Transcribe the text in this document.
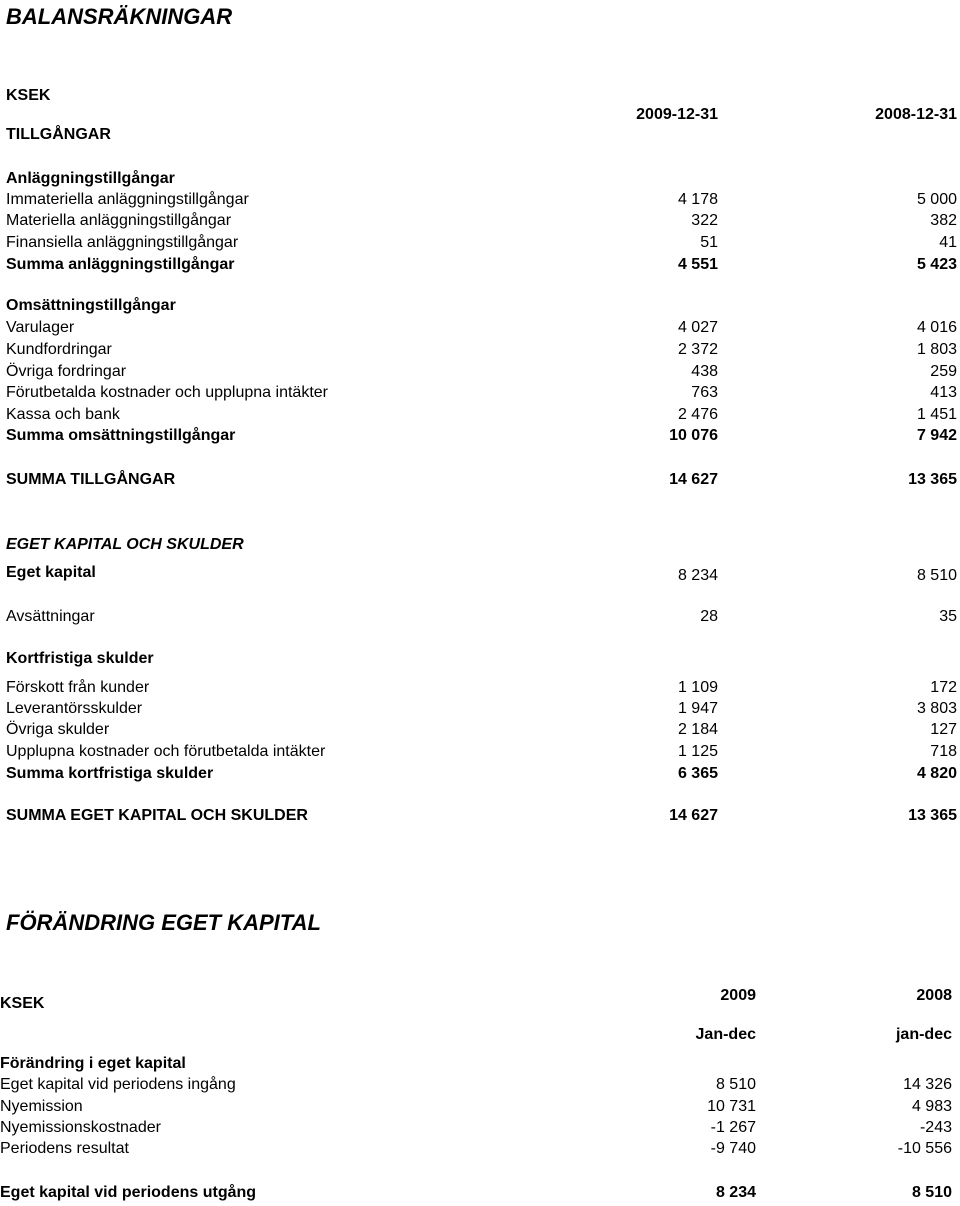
BALANSRÄKNINGAR
KSEK
TILLGÅNGAR
2009-12-31	2008-12-31
Anläggningstillgångar
Immateriella anläggningstillgångar	4 178	5 000
Materiella anläggningstillgångar	322	382
Finansiella anläggningstillgångar	51	41
Summa anläggningstillgångar	4 551	5 423
Omsättningstillgångar
Varulager	4 027	4 016
Kundfordringar	2 372	1 803
Övriga fordringar	438	259
Förutbetalda kostnader och upplupna intäkter	763	413
Kassa och bank	2 476	1 451
Summa omsättningstillgångar	10 076	7 942
SUMMA TILLGÅNGAR	14 627	13 365
EGET KAPITAL OCH SKULDER
Eget kapital	8 234	8 510
Avsättningar	28	35
Kortfristiga skulder
Förskott från kunder	1 109	172
Leverantörsskulder	1 947	3 803
Övriga skulder	2 184	127
Upplupna kostnader och förutbetalda intäkter	1 125	718
Summa kortfristiga skulder	6 365	4 820
SUMMA EGET KAPITAL OCH SKULDER	14 627	13 365
FÖRÄNDRING EGET KAPITAL
KSEK	2009	2008
Jan-dec	jan-dec
Förändring i eget kapital
Eget kapital vid periodens ingång	8 510	14 326
Nyemission	10 731	4 983
Nyemissionskostnader	-1 267	-243
Periodens resultat	-9 740	-10 556
Eget kapital vid periodens utgång	8 234	8 510
